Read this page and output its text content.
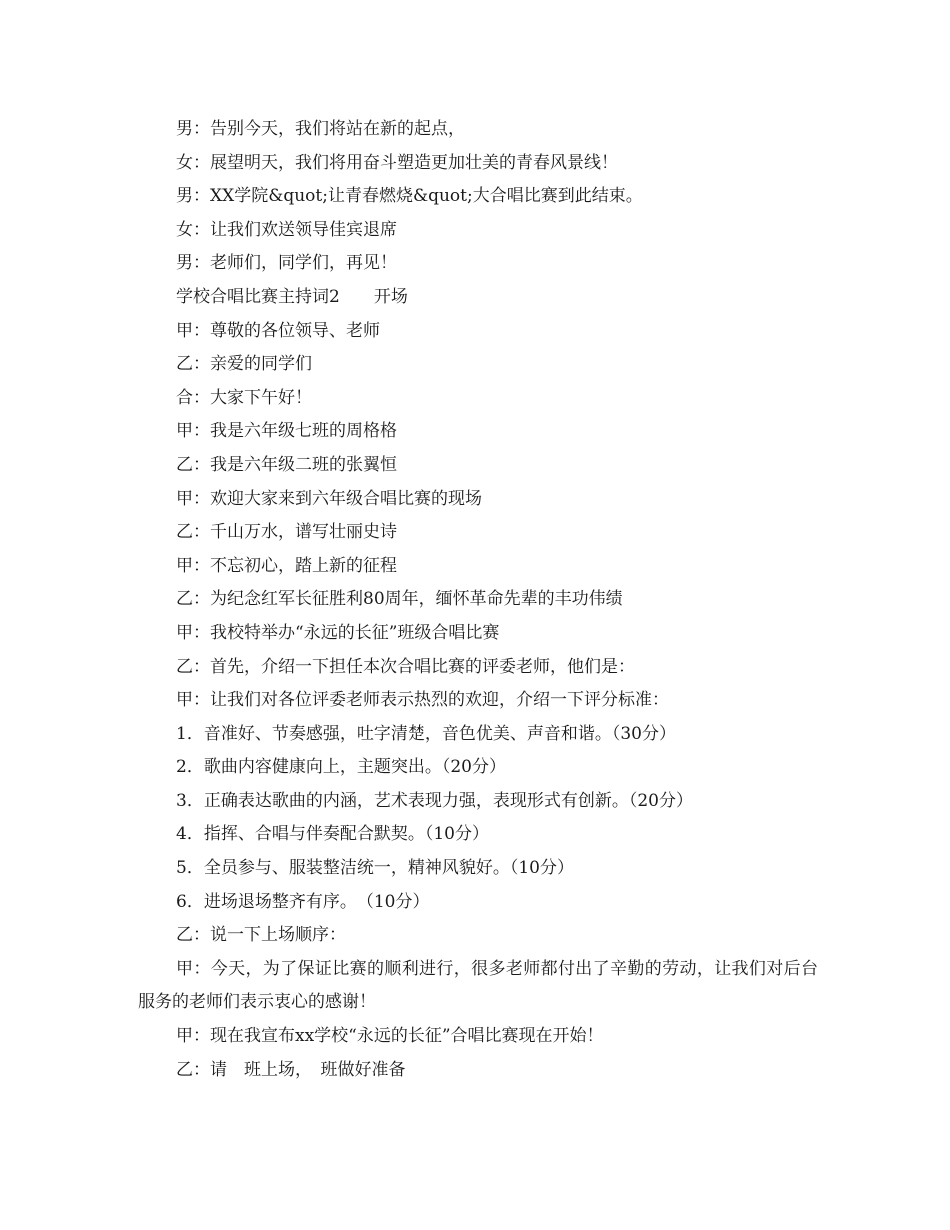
男：告别今天，我们将站在新的起点，
女：展望明天，我们将用奋斗塑造更加壮美的青春风景线！
男：XX学院&quot;让青春燃烧&quot;大合唱比赛到此结束。
女：让我们欢送领导佳宾退席
男：老师们，同学们，再见！
学校合唱比赛主持词2　　开场
甲：尊敬的各位领导、老师
乙：亲爱的同学们
合：大家下午好！
甲：我是六年级七班的周格格
乙：我是六年级二班的张翼恒
甲：欢迎大家来到六年级合唱比赛的现场
乙：千山万水，谱写壮丽史诗
甲：不忘初心，踏上新的征程
乙：为纪念红军长征胜利80周年，缅怀革命先辈的丰功伟绩
甲：我校特举办“永远的长征”班级合唱比赛
乙：首先，介绍一下担任本次合唱比赛的评委老师，他们是：
甲：让我们对各位评委老师表示热烈的欢迎，介绍一下评分标准：
1．音准好、节奏感强，吐字清楚，音色优美、声音和谐。（30分）
2．歌曲内容健康向上，主题突出。（20分）
3．正确表达歌曲的内涵，艺术表现力强，表现形式有创新。（20分）
4．指挥、合唱与伴奏配合默契。（10分）
5．全员参与、服装整洁统一，精神风貌好。（10分）
6．进场退场整齐有序。　（10分）
乙：说一下上场顺序：
甲：今天，为了保证比赛的顺利进行，很多老师都付出了辛勤的劳动，让我们对后台服务的老师们表示衷心的感谢！
甲：现在我宣布xx学校“永远的长征”合唱比赛现在开始！
乙：请　班上场，　班做好准备
